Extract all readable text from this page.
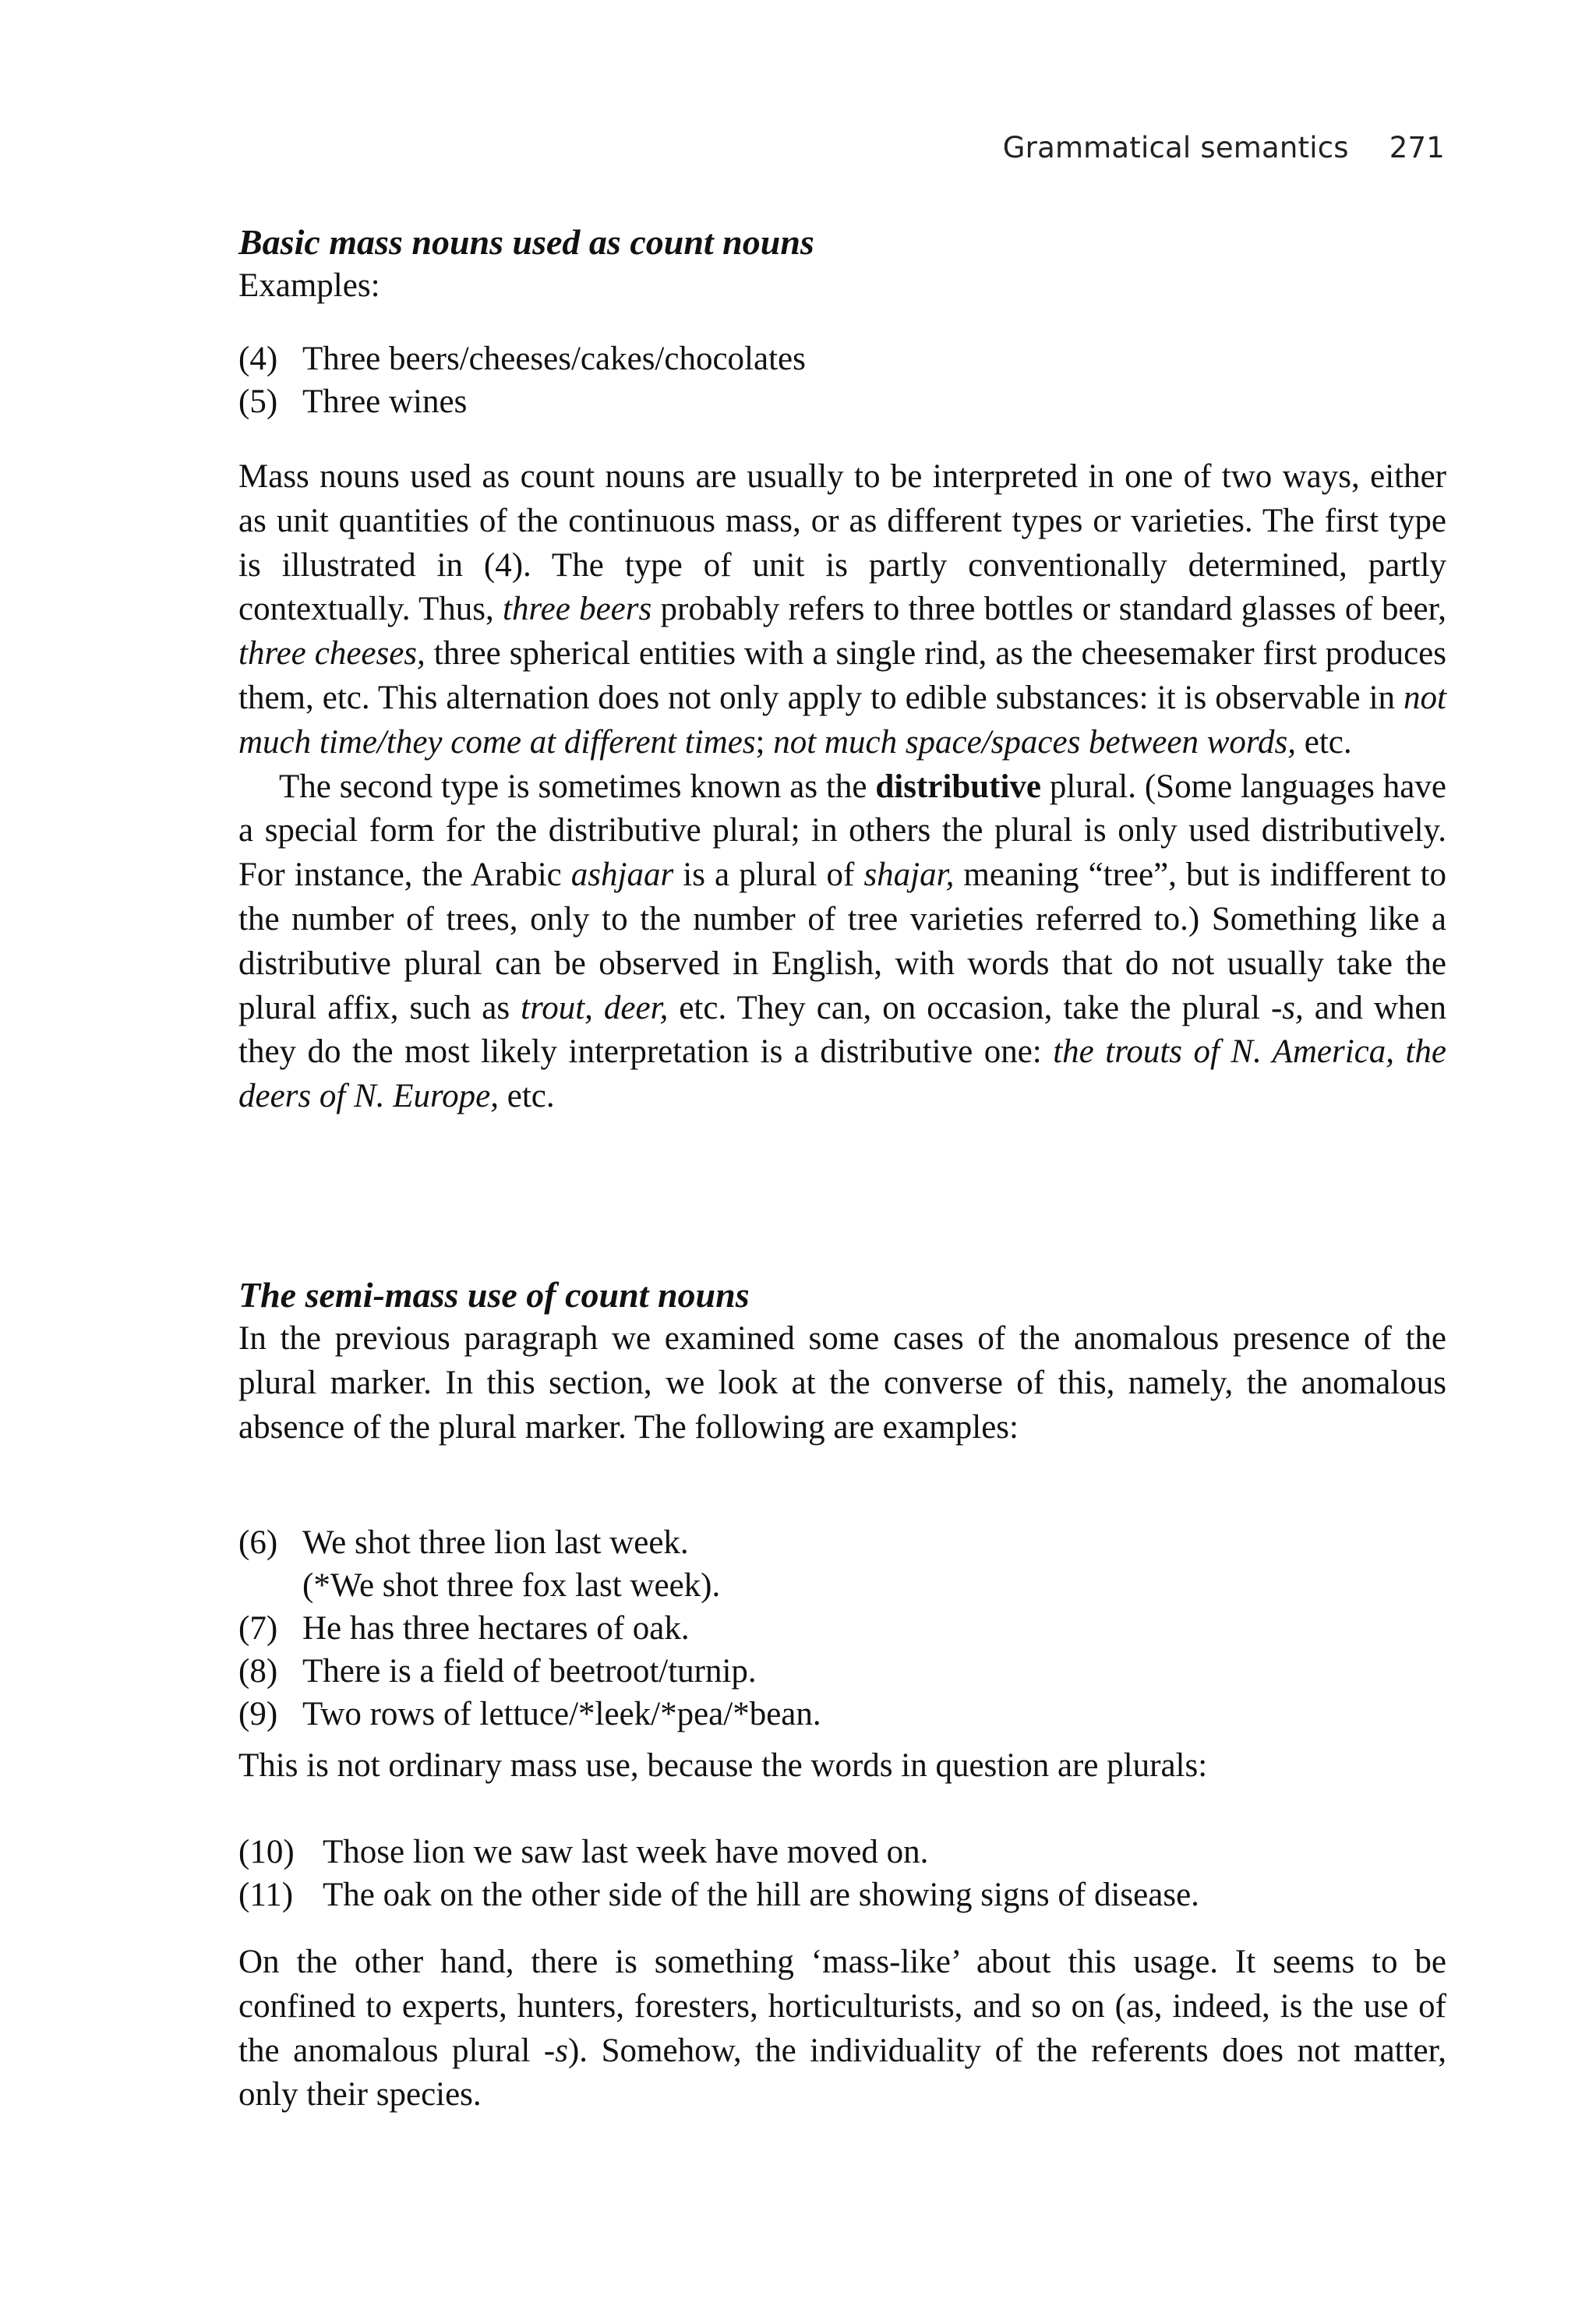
Grammatical semantics 271
Basic mass nouns used as count nouns

Examples:

(4) Three beers/cheeses/cakes/chocolates
(5) Three wines

Mass nouns used as count nouns are usually to be interpreted in one of two ways, either as unit quantities of the continuous mass, or as different types or varieties. The first type is illustrated in (4). The type of unit is partly conventionally determined, partly contextually. Thus, three beers probably refers to three bottles or standard glasses of beer, three cheeses, three spherical entities with a single rind, as the cheesemaker first produces them, etc. This alternation does not only apply to edible substances: it is observable in not much time/they come at different times; not much space/spaces between words, etc.

The second type is sometimes known as the distributive plural. (Some languages have a special form for the distributive plural; in others the plural is only used distributively. For instance, the Arabic ashjaar is a plural of shajar, meaning “tree”, but is indifferent to the number of trees, only to the number of tree varieties referred to.) Something like a distributive plural can be observed in English, with words that do not usually take the plural affix, such as trout, deer, etc. They can, on occasion, take the plural -s, and when they do the most likely interpretation is a distributive one: the trouts of N. America, the deers of N. Europe, etc.

The semi-mass use of count nouns

In the previous paragraph we examined some cases of the anomalous presence of the plural marker. In this section, we look at the converse of this, namely, the anomalous absence of the plural marker. The following are examples:

(6) We shot three lion last week.
(*We shot three fox last week).
(7) He has three hectares of oak.
(8) There is a field of beetroot/turnip.
(9) Two rows of lettuce/*leek/*pea/*bean.

This is not ordinary mass use, because the words in question are plurals:

(10) Those lion we saw last week have moved on.
(11) The oak on the other side of the hill are showing signs of disease.

On the other hand, there is something ‘mass-like’ about this usage. It seems to be confined to experts, hunters, foresters, horticulturists, and so on (as, indeed, is the use of the anomalous plural -s). Somehow, the individuality of the referents does not matter, only their species.
